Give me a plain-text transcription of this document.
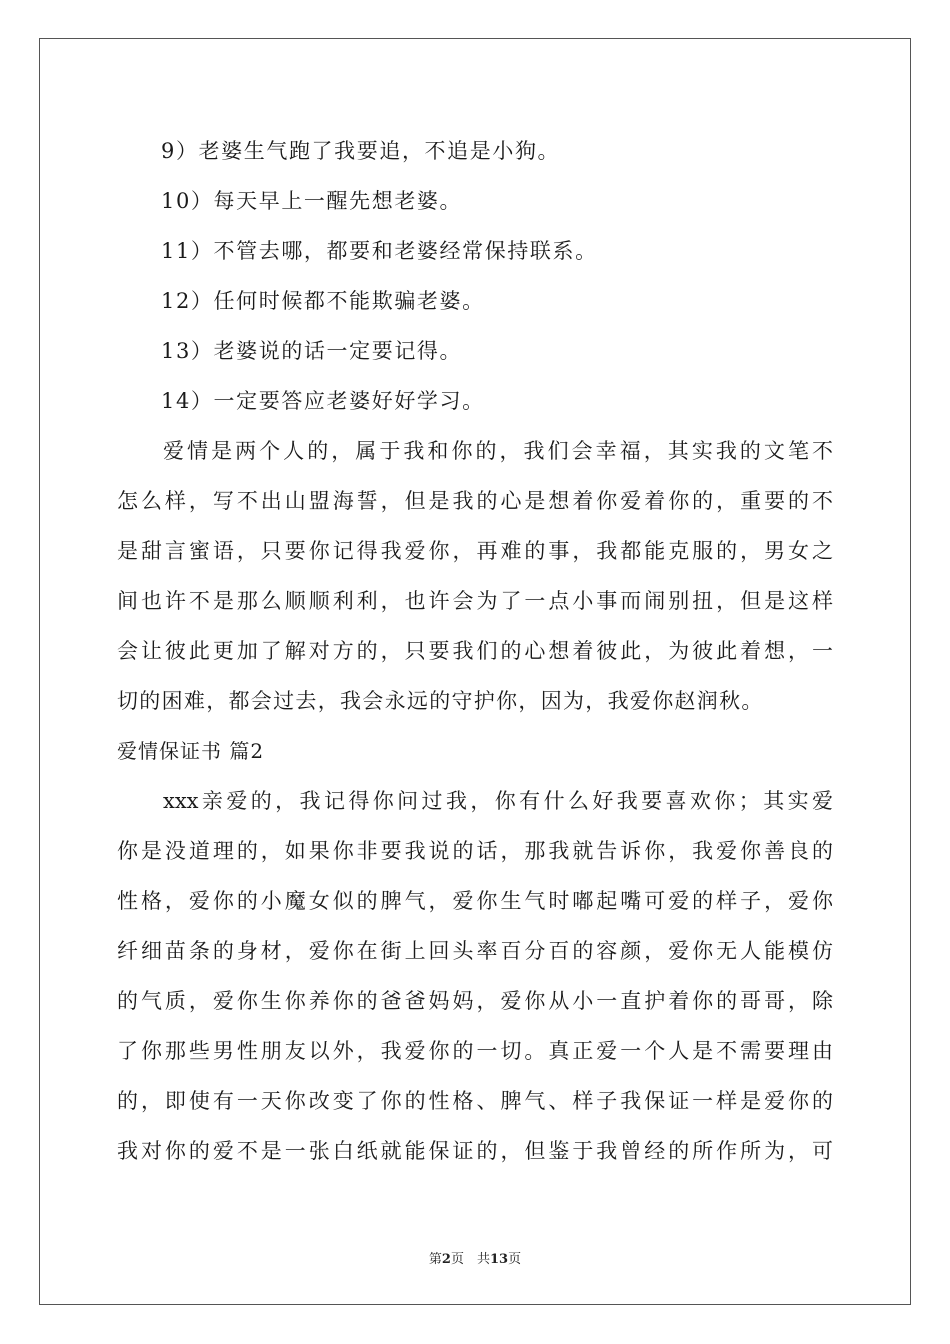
9）老婆生气跑了我要追，不追是小狗。
10）每天早上一醒先想老婆。
11）不管去哪，都要和老婆经常保持联系。
12）任何时候都不能欺骗老婆。
13）老婆说的话一定要记得。
14）一定要答应老婆好好学习。
爱情是两个人的，属于我和你的，我们会幸福，其实我的文笔不
怎么样，写不出山盟海誓，但是我的心是想着你爱着你的，重要的不
是甜言蜜语，只要你记得我爱你，再难的事，我都能克服的，男女之
间也许不是那么顺顺利利，也许会为了一点小事而闹别扭，但是这样
会让彼此更加了解对方的，只要我们的心想着彼此，为彼此着想，一
切的困难，都会过去，我会永远的守护你，因为，我爱你赵润秋。
爱情保证书 篇2
xxx亲爱的，我记得你问过我，你有什么好我要喜欢你；其实爱
你是没道理的，如果你非要我说的话，那我就告诉你，我爱你善良的
性格，爱你的小魔女似的脾气，爱你生气时嘟起嘴可爱的样子，爱你
纤细苗条的身材，爱你在街上回头率百分百的容颜，爱你无人能模仿
的气质，爱你生你养你的爸爸妈妈，爱你从小一直护着你的哥哥，除
了你那些男性朋友以外，我爱你的一切。真正爱一个人是不需要理由
的，即使有一天你改变了你的性格、脾气、样子我保证一样是爱你的
我对你的爱不是一张白纸就能保证的，但鉴于我曾经的所作所为，可
第2页　共13页
